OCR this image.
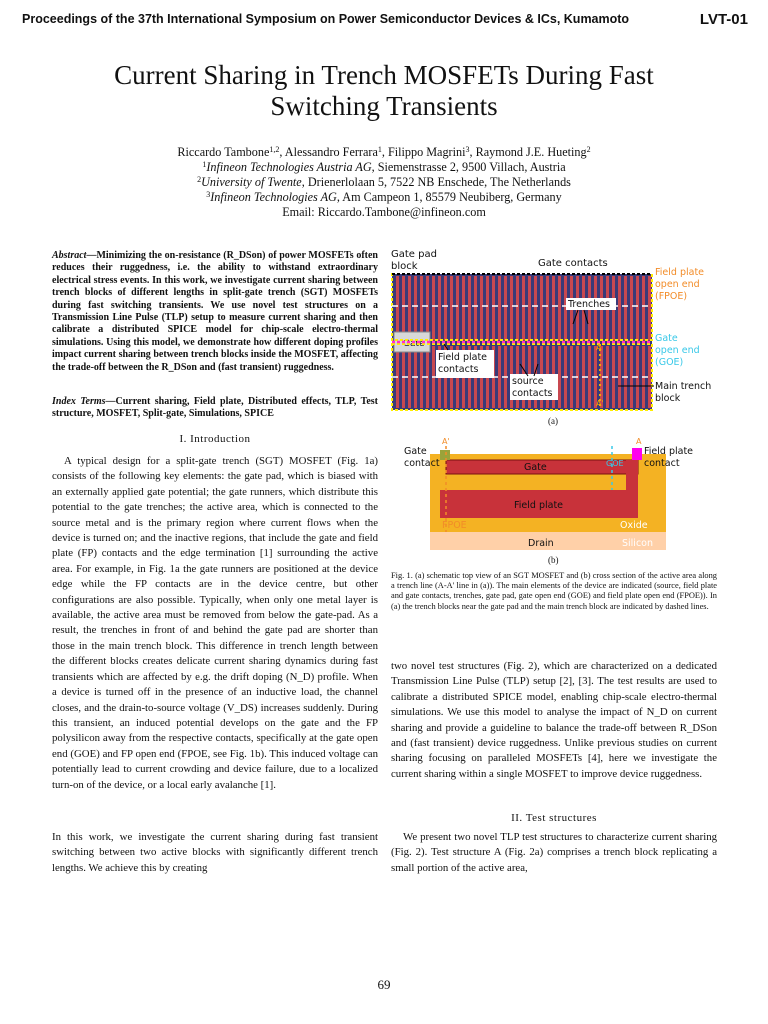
Proceedings of the 37th International Symposium on Power Semiconductor Devices & ICs, Kumamoto	LVT-01
Current Sharing in Trench MOSFETs During Fast
Switching Transients
Riccardo Tambone$^{1,2}$, Alessandro Ferrara$^1$, Filippo Magrini$^3$, Raymond J.E. Hueting$^2$
$^1$Infineon Technologies Austria AG, Siemenstrasse 2, 9500 Villach, Austria
$^2$University of Twente, Drienerlolaan 5, 7522 NB Enschede, The Netherlands
$^3$Infineon Technologies AG, Am Campeon 1, 85579 Neubiberg, Germany
Email: Riccardo.Tambone@infineon.com
Abstract—Minimizing the on-resistance (R_DSon) of power MOSFETs often reduces their ruggedness, i.e. the ability to withstand extraordinary electrical stress events. In this work, we investigate current sharing between trench blocks of different lengths in split-gate trench (SGT) MOSFETs during fast switching transients. We use novel test structures on a Transmission Line Pulse (TLP) setup to measure current sharing and then calibrate a distributed SPICE model for chip-scale electro-thermal simulations. Using this model, we demonstrate how different doping profiles impact current sharing between trench blocks inside the MOSFET, affecting the trade-off between the R_DSon and (fast transient) ruggedness.
Index Terms—Current sharing, Field plate, Distributed effects, TLP, Test structure, MOSFET, Split-gate, Simulations, SPICE
I. Introduction
A typical design for a split-gate trench (SGT) MOSFET (Fig. 1a) consists of the following key elements: the gate pad, which is biased with an externally applied gate potential; the gate runners, which distribute this potential to the gate trenches; the active area, which is connected to the source metal and is the primary region where current flows when the device is turned on; and the inactive regions, that include the gate and field plate (FP) contacts and the edge termination [1] surrounding the active area. For example, in Fig. 1a the gate runners are positioned at the device edge while the FP contacts are in the device centre, but other configurations are also possible. Typically, when only one metal layer is available, the active area must be removed from below the gate-pad. As a result, the trenches in front of and behind the gate pad are shorter than those in the main trench block. This difference in trench length between the different blocks creates delicate current sharing dynamics during fast transients which are affected by e.g. the drift doping (N_D) profile. When a device is turned off in the presence of an inductive load, the channel closes, and the drain-to-source voltage (V_DS) increases suddenly. During this transient, an induced potential develops on the gate and the FP polysilicon away from the respective contacts, specifically at the gate open end (GOE) and FP open end (FPOE, see Fig. 1b). This induced voltage can potentially lead to current crowding and device failure, due to a localized turn-on of the device, or a local early avalanche [1].
In this work, we investigate the current sharing during fast transient switching between two active blocks with significantly different trench lengths. We achieve this by creating
Gate	A
A'
Gate pad
block	Gate contacts
Trenches
Field plate
contacts
source
contacts
Field plate
open end
(FPOE)
Gate
open end
(GOE)
Main trench
block
(a)
A'	A
Gate
contact
Field plate
contact
Gate
Field plate
FPOE
GOE
Oxide
Drain	Silicon
(b)
Fig. 1. (a) schematic top view of an SGT MOSFET and (b) cross section of the active area along a trench line (A-A' line in (a)). The main elements of the device are indicated (source, field plate and gate contacts, trenches, gate pad, gate open end (GOE) and field plate open end (FPOE)). In (a) the trench blocks near the gate pad and the main trench block are indicated by dashed lines.
two novel test structures (Fig. 2), which are characterized on a dedicated Transmission Line Pulse (TLP) setup [2], [3]. The test results are used to calibrate a distributed SPICE model, enabling chip-scale electro-thermal simulations. We use this model to analyse the impact of N_D on current sharing and provide a guideline to balance the trade-off between R_DSon and (fast transient) device ruggedness. Unlike previous studies on current sharing focusing on paralleled MOSFETs [4], here we investigate the current sharing within a single MOSFET to improve device ruggedness.
II. Test structures
We present two novel TLP test structures to characterize current sharing (Fig. 2). Test structure A (Fig. 2a) comprises a trench block replicating a small portion of the active area,
69
